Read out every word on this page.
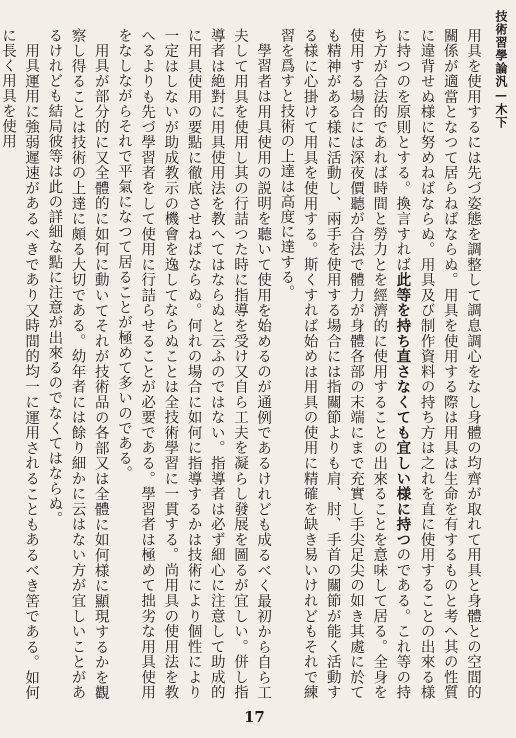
技術習學論汎—木下

用具を使用するには先づ姿態を調整して調息調心をなし身體の均齊が取れて用具と身體との空間的關係が適當となつて居らねばならぬ。用具を使用する際は用具は生命を有するものと考へ其の性質に違背せぬ様に努めねばならぬ。用具及び制作資料の持ち方は之れを直に使用することの出來る様に持つのを原則とする。換言すれば此等を持ち直さなくても宜しい様に持つのである。これ等の持ち方が合法的であれば時間と勞力とを經濟的に使用することの出來ることを意味して居る。全身を使用する場合には深夜價聽が合法で體力が身體各部の末端にまで充實し手尖足尖の如き其處に於ても精神がある様に活動し、兩手を使用する場合には指關節よりも肩、肘、手首の關節が能く活動する様に心掛けて用具を使用する。斯くすれば始めは用具の使用に精確を缺き易いけれどもそれで練習を爲すと技術の上達は高度に達する。

學習者は用具使用の説明を聽いて使用を始めるのが通例であるけれども成るべく最初から自ら工夫して用具を使用し其の行詰つた時に指導を受け又自ら工夫を凝らし發展を圖るが宜しい。併し指導者は絶對に用具使用法を教へてはならぬと云ふのではない。指導者は必ず細心に注意して助成的に用具使用の要點に徹底させねばならぬ。何れの場合に如何に指導するかは技術により個性により一定はしないが助成教示の機會を逸してならぬことは全技術學習に一貫する。尚用具の使用法を教へるよりも先づ學習者をして使用に行詰らせることが必要である。學習者は極めて拙劣な用具使用をなしながらそれで平氣になつて居ることが極めて多いのである。

用具が部分的に又全體的に如何に動いてそれが技術品の各部又は全體に如何様に顯現するかを觀察し得ることは技術の上達に頗る大切である。幼年者には餘り細かに云はない方が宜しいことがあるけれども結局彼等は此の詳細な點に注意が出來るのでなくてはならぬ。

用具運用に強弱遲速があるべきであり又時間的均一に運用されることもあるべき筈である。如何に長く用具を使用

17
